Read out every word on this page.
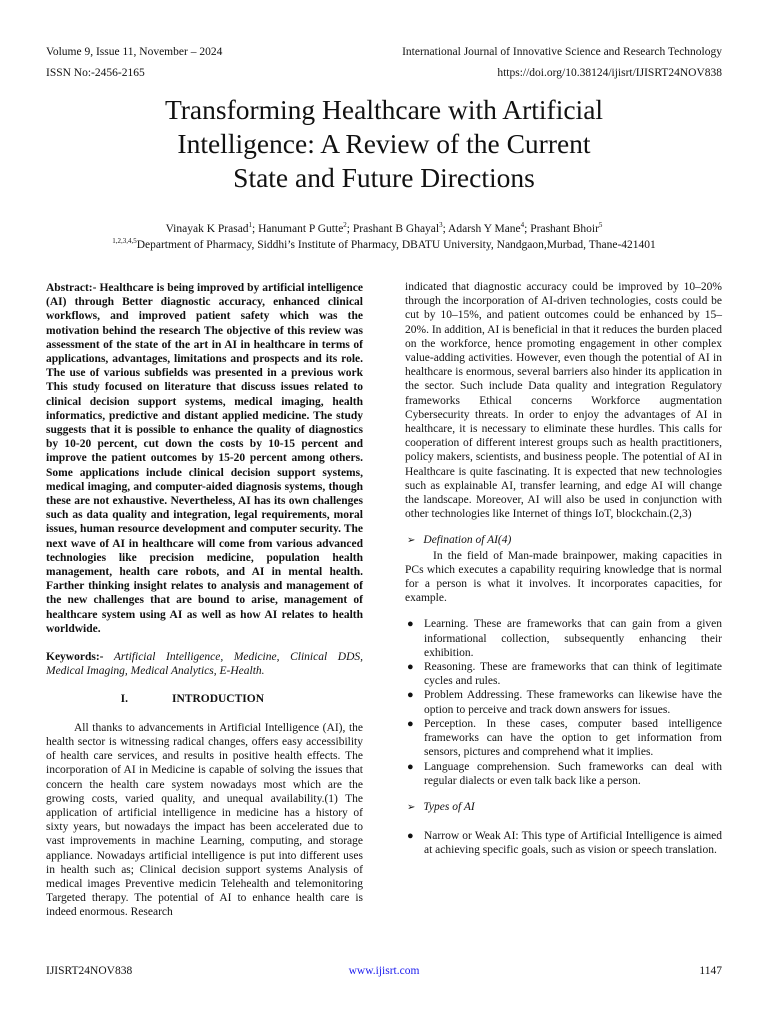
Volume 9, Issue 11, November – 2024	International Journal of Innovative Science and Research Technology
ISSN No:-2456-2165	https://doi.org/10.38124/ijisrt/IJISRT24NOV838
Transforming Healthcare with Artificial
Intelligence: A Review of the Current
State and Future Directions
Vinayak K Prasad$^1$; Hanumant P Gutte$^2$; Prashant B Ghayal$^3$; Adarsh Y Mane$^4$; Prashant Bhoir$^5$
$^{1,2,3,4,5}$Department of Pharmacy, Siddhi’s Institute of Pharmacy, DBATU University, Nandgaon,Murbad, Thane-421401

Abstract:- Healthcare is being improved by artificial intelligence (AI) through Better diagnostic accuracy, enhanced clinical workflows, and improved patient safety which was the motivation behind the research The objective of this review was assessment of the state of the art in AI in healthcare in terms of applications, advantages, limitations and prospects and its role. The use of various subfields was presented in a previous work This study focused on literature that discuss issues related to clinical decision support systems, medical imaging, health informatics, predictive and distant applied medicine. The study suggests that it is possible to enhance the quality of diagnostics by 10-20 percent, cut down the costs by 10-15 percent and improve the patient outcomes by 15-20 percent among others. Some applications include clinical decision support systems, medical imaging, and computer-aided diagnosis systems, though these are not exhaustive. Nevertheless, AI has its own challenges such as data quality and integration, legal requirements, moral issues, human resource development and computer security. The next wave of AI in healthcare will come from various advanced technologies like precision medicine, population health management, health care robots, and AI in mental health. Farther thinking insight relates to analysis and management of the new challenges that are bound to arise, management of healthcare system using AI as well as how AI relates to health worldwide.

Keywords:- Artificial Intelligence, Medicine, Clinical DDS, Medical Imaging, Medical Analytics, E-Health.

I.	INTRODUCTION

All thanks to advancements in Artificial Intelligence (AI), the health sector is witnessing radical changes, offers easy accessibility of health care services, and results in positive health effects. The incorporation of AI in Medicine is capable of solving the issues that concern the health care system nowadays most which are the growing costs, varied quality, and unequal availability.(1) The application of artificial intelligence in medicine has a history of sixty years, but nowadays the impact has been accelerated due to vast improvements in machine Learning, computing, and storage appliance. Nowadays artificial intelligence is put into different uses in health such as; Clinical decision support systems Analysis of medical images Preventive medicin Telehealth and telemonitoring Targeted therapy. The potential of AI to enhance health care is indeed enormous. Research

indicated that diagnostic accuracy could be improved by 10–20% through the incorporation of AI-driven technologies, costs could be cut by 10–15%, and patient outcomes could be enhanced by 15–20%. In addition, AI is beneficial in that it reduces the burden placed on the workforce, hence promoting engagement in other complex value-adding activities. However, even though the potential of AI in healthcare is enormous, several barriers also hinder its application in the sector. Such include Data quality and integration Regulatory frameworks Ethical concerns Workforce augmentation Cybersecurity threats. In order to enjoy the advantages of AI in healthcare, it is necessary to eliminate these hurdles. This calls for cooperation of different interest groups such as health practitioners, policy makers, scientists, and business people. The potential of AI in Healthcare is quite fascinating. It is expected that new technologies such as explainable AI, transfer learning, and edge AI will change the landscape. Moreover, AI will also be used in conjunction with other technologies like Internet of things IoT, blockchain.(2,3)

➢ Defination of AI(4)

In the field of Man-made brainpower, making capacities in PCs which executes a capability requiring knowledge that is normal for a person is what it involves. It incorporates capacities, for example.

● Learning. These are frameworks that can gain from a given informational collection, subsequently enhancing their exhibition.
● Reasoning. These are frameworks that can think of legitimate cycles and rules.
● Problem Addressing. These frameworks can likewise have the option to perceive and track down answers for issues.
● Perception. In these cases, computer based intelligence frameworks can have the option to get information from sensors, pictures and comprehend what it implies.
● Language comprehension. Such frameworks can deal with regular dialects or even talk back like a person.

➢ Types of AI

● Narrow or Weak AI: This type of Artificial Intelligence is aimed at achieving specific goals, such as vision or speech translation.
IJISRT24NOV838	www.ijisrt.com	1147
